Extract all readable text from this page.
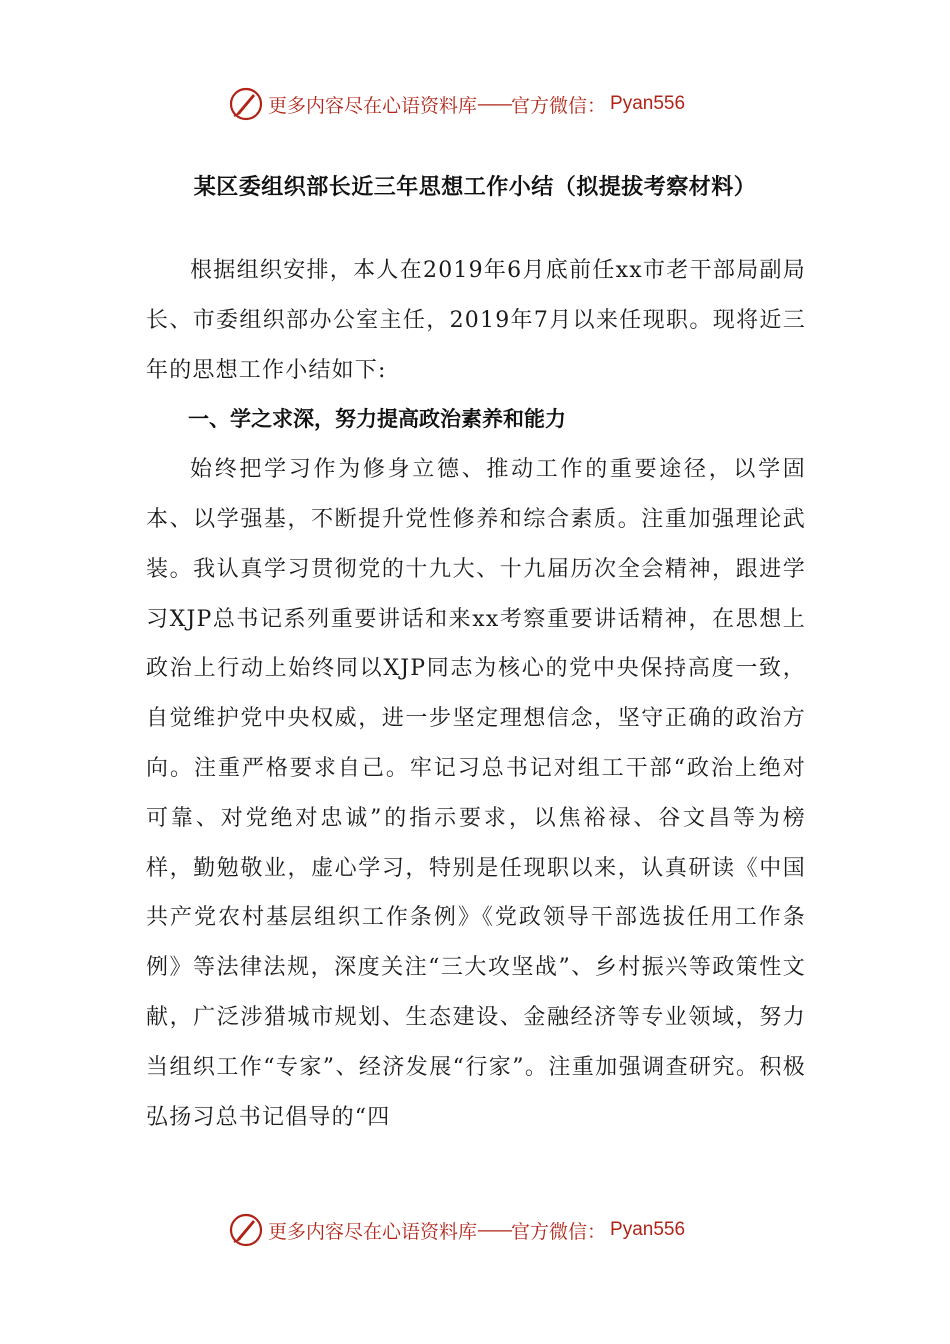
更多内容尽在心语资料库 —— 官方微信： Pyan556
某区委组织部长近三年思想工作小结（拟提拔考察材料）

根据组织安排，本人在2019年6月底前任xx市老干部局副局长、市委组织部办公室主任，2019年7月以来任现职。现将近三年的思想工作小结如下:

一、学之求深，努力提高政治素养和能力

始终把学习作为修身立德、推动工作的重要途径，以学固本、以学强基，不断提升党性修养和综合素质。注重加强理论武装。我认真学习贯彻党的十九大、十九届历次全会精神，跟进学习XJP总书记系列重要讲话和来xx考察重要讲话精神，在思想上政治上行动上始终同以XJP同志为核心的党中央保持高度一致，自觉维护党中央权威，进一步坚定理想信念，坚守正确的政治方向。注重严格要求自己。牢记习总书记对组工干部“政治上绝对可靠、对党绝对忠诚”的指示要求，以焦裕禄、谷文昌等为榜样，勤勉敬业，虚心学习，特别是任现职以来，认真研读《中国共产党农村基层组织工作条例》《党政领导干部选拔任用工作条例》等法律法规，深度关注“三大攻坚战”、乡村振兴等政策性文献，广泛涉猎城市规划、生态建设、金融经济等专业领域，努力当组织工作“专家”、经济发展“行家”。注重加强调查研究。积极弘扬习总书记倡导的“四

更多内容尽在心语资料库 —— 官方微信： Pyan556
